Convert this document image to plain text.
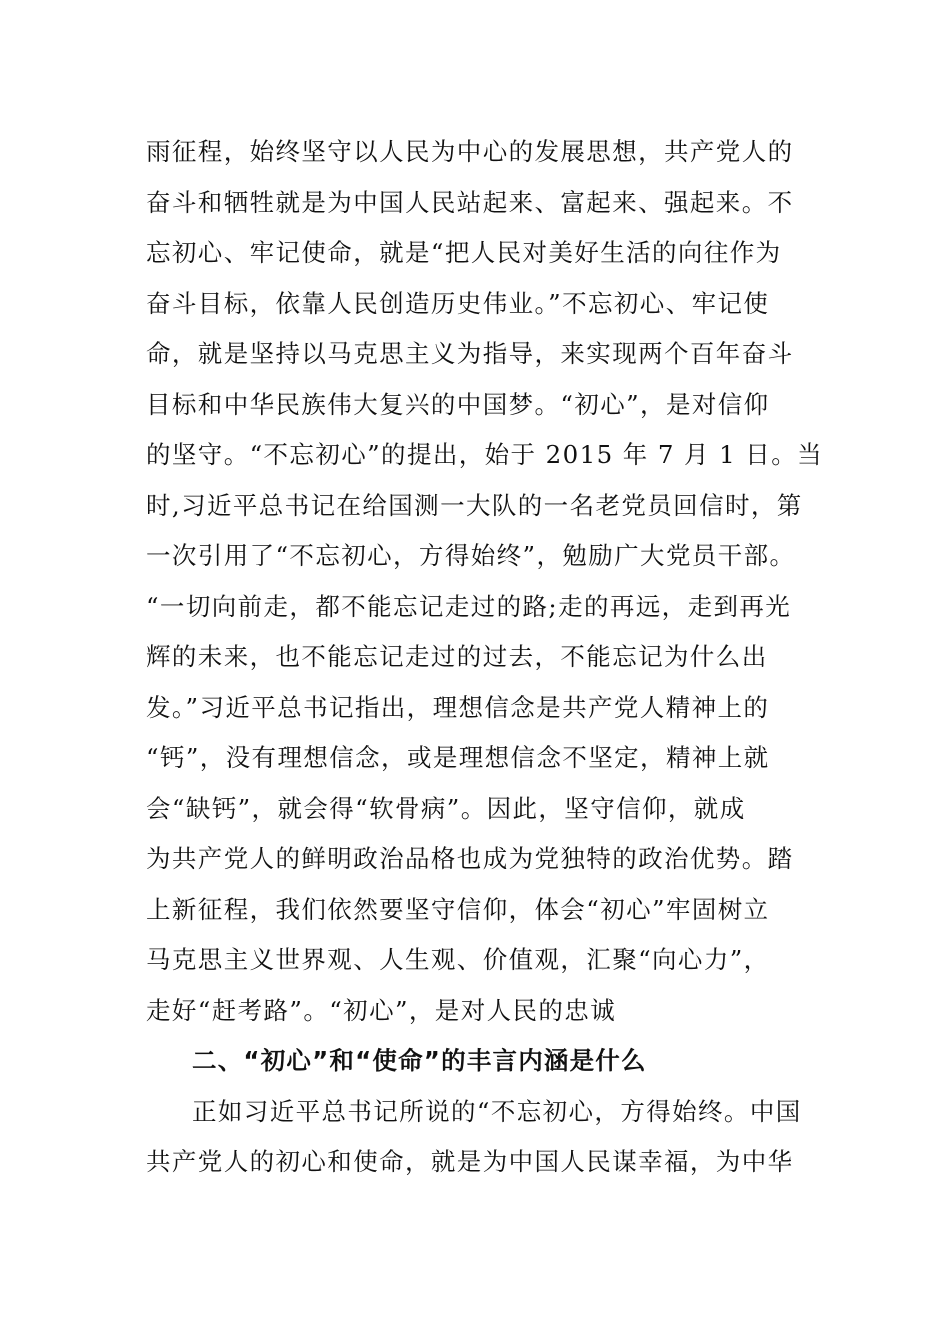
雨征程，始终坚守以人民为中心的发展思想，共产党人的
奋斗和牺牲就是为中国人民站起来、富起来、强起来。不
忘初心、牢记使命，就是“把人民对美好生活的向往作为
奋斗目标，依靠人民创造历史伟业。”不忘初心、牢记使
命，就是坚持以马克思主义为指导，来实现两个百年奋斗
目标和中华民族伟大复兴的中国梦。“初心”，是对信仰
的坚守。“不忘初心”的提出，始于 2015 年 7 月 1 日。当
时,习近平总书记在给国测一大队的一名老党员回信时，第
一次引用了“不忘初心，方得始终”，勉励广大党员干部。
“一切向前走，都不能忘记走过的路;走的再远，走到再光
辉的未来，也不能忘记走过的过去，不能忘记为什么出
发。”习近平总书记指出，理想信念是共产党人精神上的
“钙”，没有理想信念，或是理想信念不坚定，精神上就
会“缺钙”，就会得“软骨病”。因此，坚守信仰，就成
为共产党人的鲜明政治品格也成为党独特的政治优势。踏
上新征程，我们依然要坚守信仰，体会“初心”牢固树立
马克思主义世界观、人生观、价值观，汇聚“向心力”，
走好“赶考路”。“初心”，是对人民的忠诚
二、“初心”和“使命”的丰言内涵是什么
正如习近平总书记所说的“不忘初心，方得始终。中国
共产党人的初心和使命，就是为中国人民谋幸福，为中华
